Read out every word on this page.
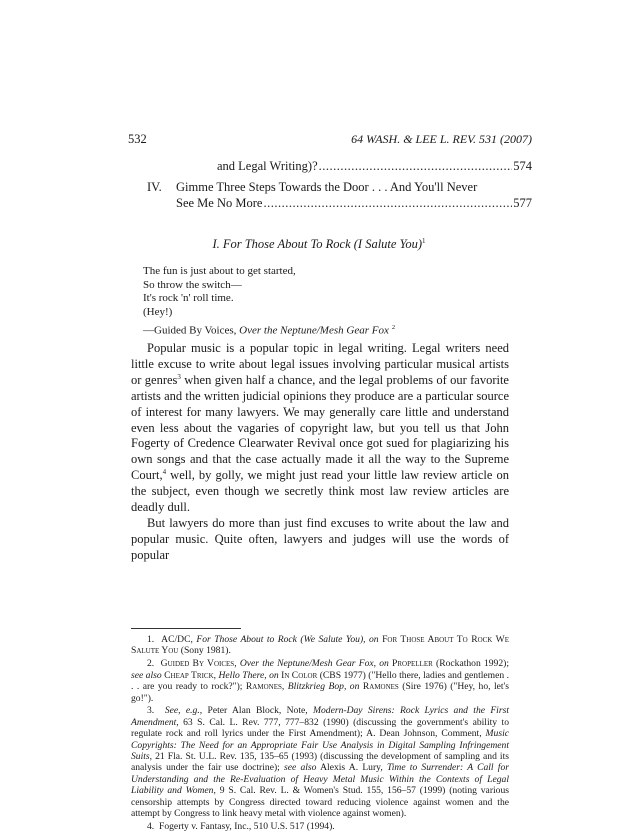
532	64 WASH. & LEE L. REV. 531 (2007)
and Legal Writing)? .....	574
IV.	Gimme Three Steps Towards the Door . . . And You'll Never
See Me No More .....	577
I. For Those About To Rock (I Salute You)$^1$
The fun is just about to get started,
So throw the switch—
It's rock 'n' roll time.
(Hey!)
—Guided By Voices, Over the Neptune/Mesh Gear Fox $^2$

Popular music is a popular topic in legal writing. Legal writers need little excuse to write about legal issues involving particular musical artists or genres$^3$ when given half a chance, and the legal problems of our favorite artists and the written judicial opinions they produce are a particular source of interest for many lawyers. We may generally care little and understand even less about the vagaries of copyright law, but you tell us that John Fogerty of Credence Clearwater Revival once got sued for plagiarizing his own songs and that the case actually made it all the way to the Supreme Court,$^4$ well, by golly, we might just read your little law review article on the subject, even though we secretly think most law review articles are deadly dull.

But lawyers do more than just find excuses to write about the law and popular music. Quite often, lawyers and judges will use the words of popular

1. AC/DC, For Those About to Rock (We Salute You), on For Those About To Rock We Salute You (Sony 1981).

2. Guided By Voices, Over the Neptune/Mesh Gear Fox, on Propeller (Rockathon 1992); see also Cheap Trick, Hello There, on In Color (CBS 1977) ("Hello there, ladies and gentlemen . . . are you ready to rock?"); Ramones, Blitzkrieg Bop, on Ramones (Sire 1976) ("Hey, ho, let's go!").

3. See, e.g., Peter Alan Block, Note, Modern-Day Sirens: Rock Lyrics and the First Amendment, 63 S. Cal. L. Rev. 777, 777–832 (1990) (discussing the government's ability to regulate rock and roll lyrics under the First Amendment); A. Dean Johnson, Comment, Music Copyrights: The Need for an Appropriate Fair Use Analysis in Digital Sampling Infringement Suits, 21 Fla. St. U.L. Rev. 135, 135–65 (1993) (discussing the development of sampling and its analysis under the fair use doctrine); see also Alexis A. Lury, Time to Surrender: A Call for Understanding and the Re-Evaluation of Heavy Metal Music Within the Contexts of Legal Liability and Women, 9 S. Cal. Rev. L. & Women's Stud. 155, 156–57 (1999) (noting various censorship attempts by Congress directed toward reducing violence against women and the attempt by Congress to link heavy metal with violence against women).

4. Fogerty v. Fantasy, Inc., 510 U.S. 517 (1994).
